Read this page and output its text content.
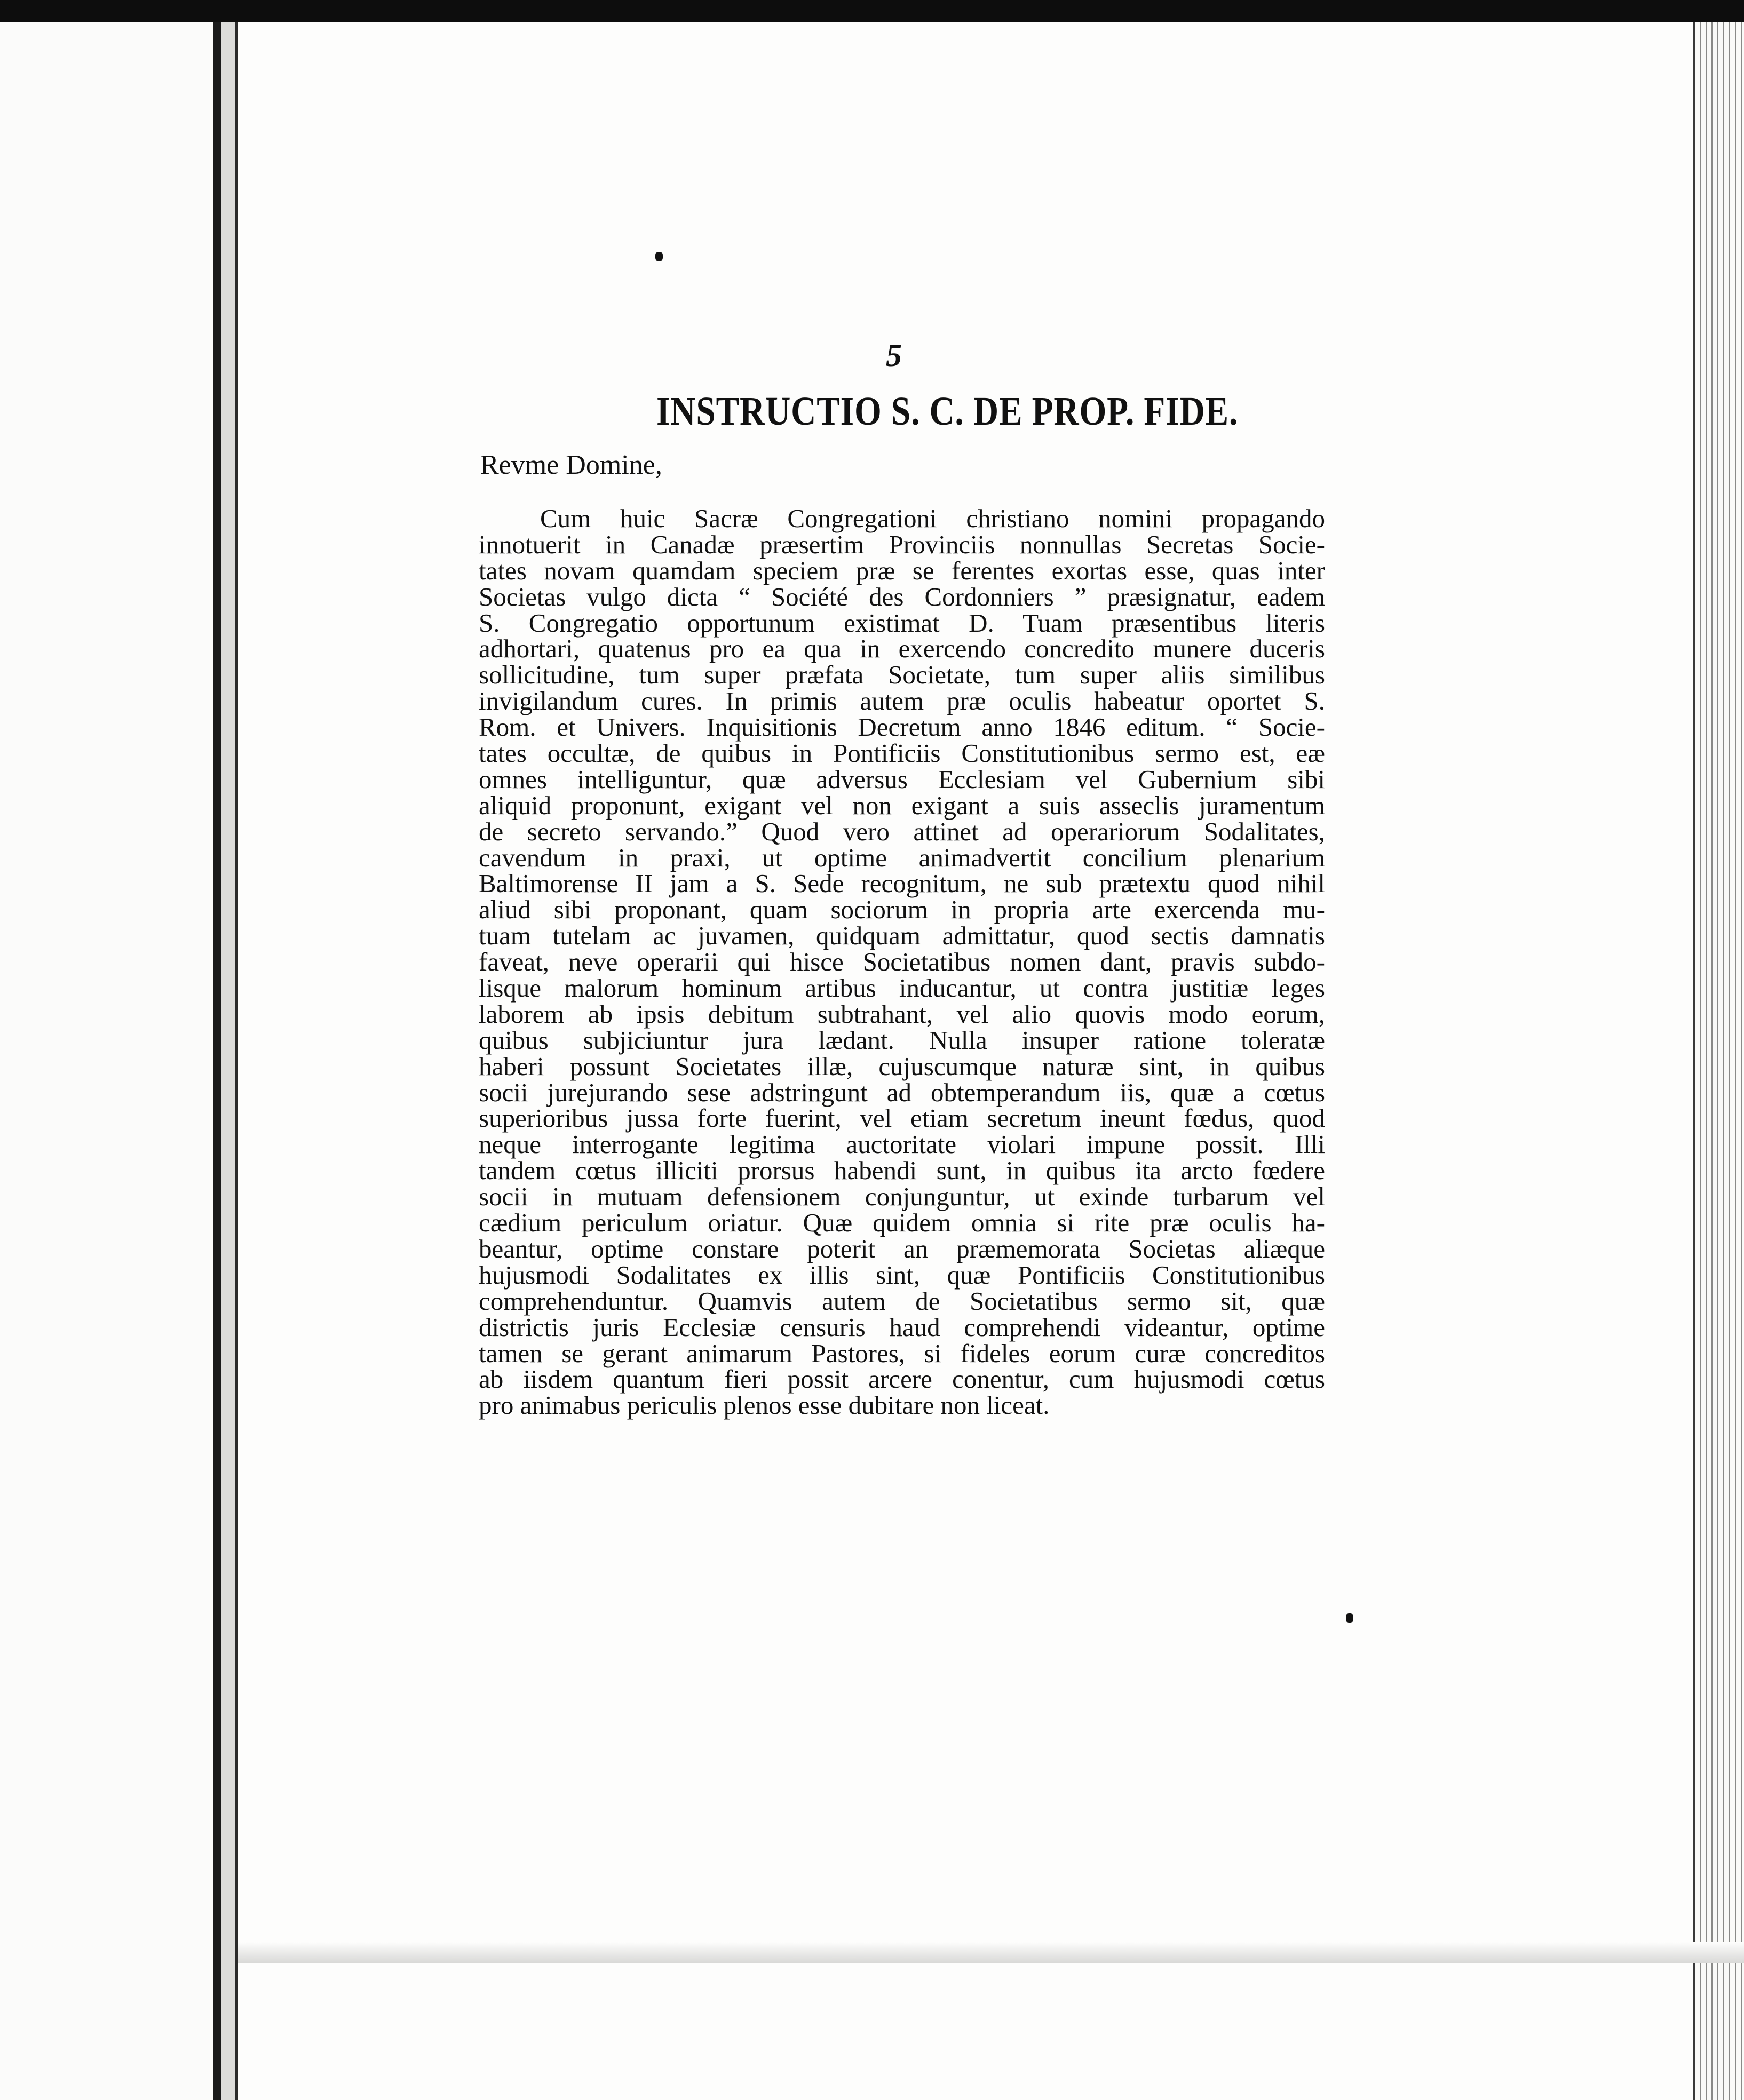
5
INSTRUCTIO S. C. DE PROP. FIDE.
Revme Domine,
Cum huic Sacræ Congregationi christiano nomini propagando
innotuerit in Canadæ præsertim Provinciis nonnullas Secretas Socie-
tates novam quamdam speciem præ se ferentes exortas esse, quas inter
Societas vulgo dicta “ Société des Cordonniers ” præsignatur, eadem
S. Congregatio opportunum existimat D. Tuam præsentibus literis
adhortari, quatenus pro ea qua in exercendo concredito munere duceris
sollicitudine, tum super præfata Societate, tum super aliis similibus
invigilandum cures. In primis autem præ oculis habeatur oportet S.
Rom. et Univers. Inquisitionis Decretum anno 1846 editum. “ Socie-
tates occultæ, de quibus in Pontificiis Constitutionibus sermo est, eæ
omnes intelliguntur, quæ adversus Ecclesiam vel Gubernium sibi
aliquid proponunt, exigant vel non exigant a suis asseclis juramentum
de secreto servando.” Quod vero attinet ad operariorum Sodalitates,
cavendum in praxi, ut optime animadvertit concilium plenarium
Baltimorense II jam a S. Sede recognitum, ne sub prætextu quod nihil
aliud sibi proponant, quam sociorum in propria arte exercenda mu-
tuam tutelam ac juvamen, quidquam admittatur, quod sectis damnatis
faveat, neve operarii qui hisce Societatibus nomen dant, pravis subdo-
lisque malorum hominum artibus inducantur, ut contra justitiæ leges
laborem ab ipsis debitum subtrahant, vel alio quovis modo eorum,
quibus subjiciuntur jura lædant. Nulla insuper ratione toleratæ
haberi possunt Societates illæ, cujuscumque naturæ sint, in quibus
socii jurejurando sese adstringunt ad obtemperandum iis, quæ a cœtus
superioribus jussa forte fuerint, vel etiam secretum ineunt fœdus, quod
neque interrogante legitima auctoritate violari impune possit. Illi
tandem cœtus illiciti prorsus habendi sunt, in quibus ita arcto fœdere
socii in mutuam defensionem conjunguntur, ut exinde turbarum vel
cædium periculum oriatur. Quæ quidem omnia si rite præ oculis ha-
beantur, optime constare poterit an præmemorata Societas aliæque
hujusmodi Sodalitates ex illis sint, quæ Pontificiis Constitutionibus
comprehenduntur. Quamvis autem de Societatibus sermo sit, quæ
districtis juris Ecclesiæ censuris haud comprehendi videantur, optime
tamen se gerant animarum Pastores, si fideles eorum curæ concreditos
ab iisdem quantum fieri possit arcere conentur, cum hujusmodi cœtus
pro animabus periculis plenos esse dubitare non liceat.
